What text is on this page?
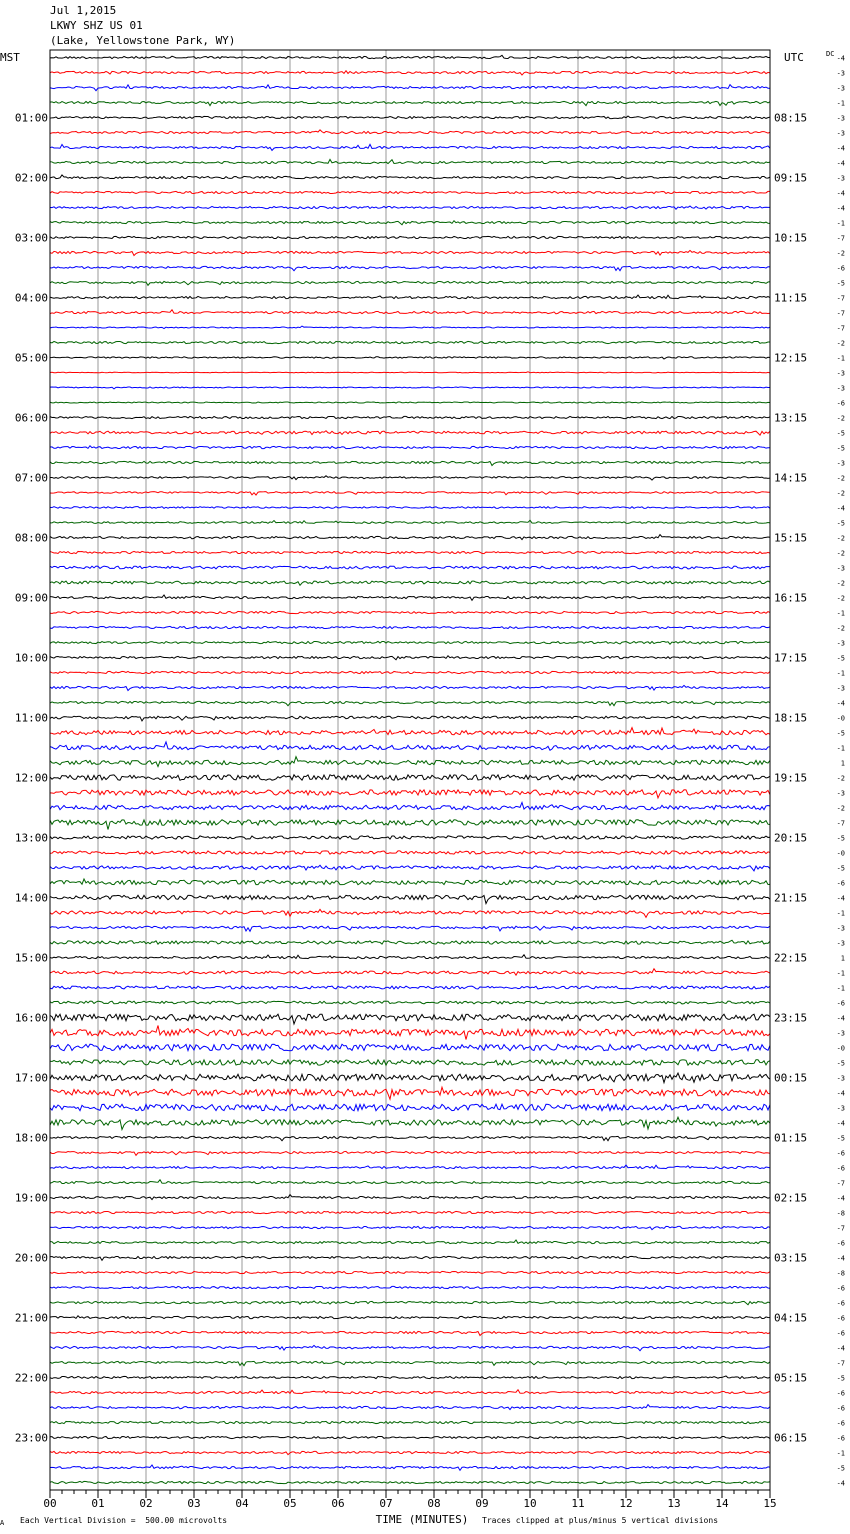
Jul 1,2015
LKWY SHZ US 01
(Lake, Yellowstone Park, WY)
MST
01:00
02:00
03:00
04:00
05:00
06:00
07:00
08:00
09:00
10:00
11:00
12:00
13:00
14:00
15:00
16:00
17:00
18:00
19:00
20:00
21:00
22:00
23:00
UTC
08:15
09:15
10:15
11:15
12:15
13:15
14:15
15:15
16:15
17:15
18:15
19:15
20:15
21:15
22:15
23:15
00:15
01:15
02:15
03:15
04:15
05:15
06:15
DC
-4
-3
-3
-1
-3
-3
-4
-4
-3
-4
-4
-1
-7
-2
-6
-5
-7
-7
-7
-2
-1
-3
-3
-6
-2
-5
-5
-3
-2
-2
-4
-5
-2
-2
-3
-2
-2
-1
-2
-3
-5
-1
-3
-4
-0
-5
-1
1
-2
-3
-2
-7
-5
-0
-5
-6
-4
-1
-3
-3
1
-1
-1
-6
-4
-3
-0
-5
-3
-4
-3
-4
-5
-6
-6
-7
-4
-8
-7
-6
-4
-8
-6
-6
-6
-6
-4
-7
-5
-6
-6
-6
-6
-1
-5
-4
00	01	02	03	04	05	06	07	08	09	10	11	12	13	14	15
TIME (MINUTES)
A Each Vertical Division =  500.00 microvolts	Traces clipped at plus/minus 5 vertical divisions
